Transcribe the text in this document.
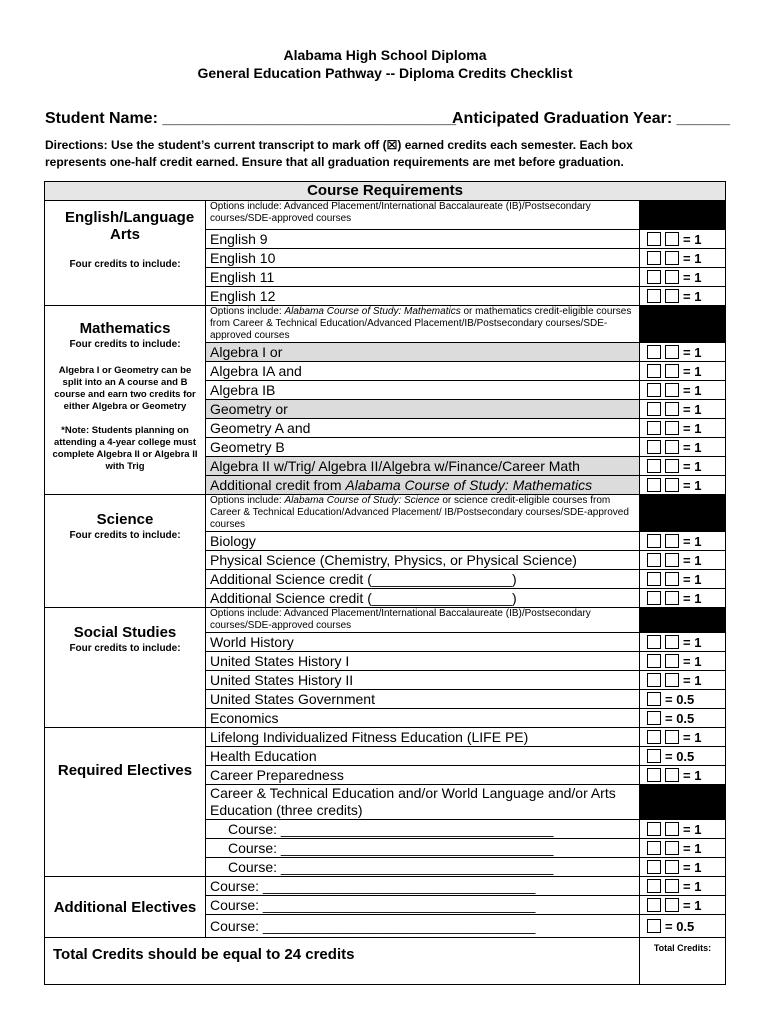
Alabama High School Diploma
General Education Pathway -- Diploma Credits Checklist
Student Name: _________________________________
Anticipated Graduation Year: ______
Directions: Use the student’s current transcript to mark off (☒) earned credits each semester. Each box
represents one-half credit earned. Ensure that all graduation requirements are met before graduation.
Course Requirements		

English/Language Arts
Four credits to include:	Options include: Advanced Placement/International Baccalaureate (IB)/Postsecondary courses/SDE-approved courses	
	English 9	= 1

	English 10	= 1

	English 11	= 1

	English 12	= 1

Mathematics
Four credits to include:
Algebra I or Geometry can be split into an A course and B course and earn two credits for either Algebra or Geometry
*Note: Students planning on attending a 4-year college must complete Algebra II or Algebra II with Trig	Options include: Alabama Course of Study: Mathematics or mathematics credit-eligible courses from Career & Technical Education/Advanced Placement/IB/Postsecondary courses/SDE-approved courses	
	Algebra I or	= 1

	Algebra IA and	= 1

	Algebra IB	= 1

	Geometry or	= 1

	Geometry A and	= 1

	Geometry B	= 1

	Algebra II w/Trig/ Algebra II/Algebra w/Finance/Career Math	= 1

	Additional credit from Alabama Course of Study: Mathematics	= 1

Science
Four credits to include:	Options include: Alabama Course of Study: Science or science credit-eligible courses from Career & Technical Education/Advanced Placement/ IB/Postsecondary courses/SDE-approved courses	
	Biology	= 1

	Physical Science (Chemistry, Physics, or Physical Science)	= 1

	Additional Science credit (__________________)	= 1

	Additional Science credit (__________________)	= 1

Social Studies
Four credits to include:	Options include: Advanced Placement/International Baccalaureate (IB)/Postsecondary courses/SDE-approved courses	
	World History	= 1

	United States History I	= 1

	United States History II	= 1

	United States Government	= 0.5

	Economics	= 0.5

Required Electives	Lifelong Individualized Fitness Education (LIFE PE)	= 1

	Health Education	= 0.5

	Career Preparedness	= 1

	Career & Technical Education and/or World Language and/or Arts Education (three credits)	
	Course: ___________________________________	= 1

	Course: ___________________________________	= 1

	Course: ___________________________________	= 1

Additional Electives	Course: ___________________________________	= 1

	Course: ___________________________________	= 1

	Course: ___________________________________	= 0.5

Total Credits should be equal to 24 credits		Total Credits:
